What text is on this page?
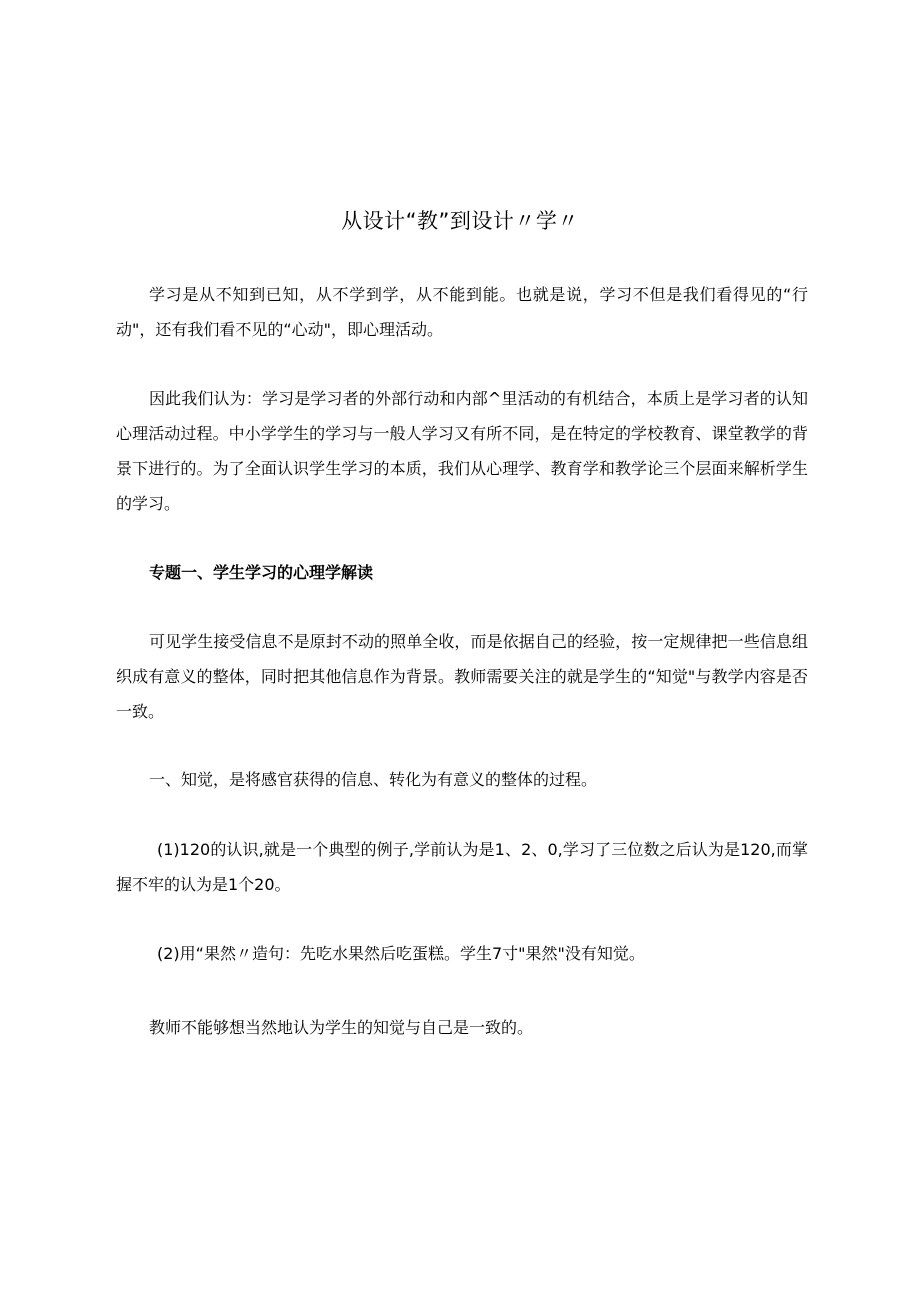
从设计“教”到设计〃学〃

学习是从不知到已知，从不学到学，从不能到能。也就是说，学习不但是我们看得见的“行动"，还有我们看不见的“心动"，即心理活动。

因此我们认为：学习是学习者的外部行动和内部^里活动的有机结合，本质上是学习者的认知心理活动过程。中小学学生的学习与一般人学习又有所不同，是在特定的学校教育、课堂教学的背景下进行的。为了全面认识学生学习的本质，我们从心理学、教育学和教学论三个层面来解析学生的学习。

专题一、学生学习的心理学解读

可见学生接受信息不是原封不动的照单全收，而是依据自己的经验，按一定规律把一些信息组织成有意义的整体，同时把其他信息作为背景。教师需要关注的就是学生的“知觉"与教学内容是否一致。

一、知觉，是将感官获得的信息、转化为有意义的整体的过程。

(1)120的认识,就是一个典型的例子,学前认为是1、2、0,学习了三位数之后认为是120,而掌握不牢的认为是1个20。

(2)用“果然〃造句：先吃水果然后吃蛋糕。学生7寸"果然"没有知觉。

教师不能够想当然地认为学生的知觉与自己是一致的。
